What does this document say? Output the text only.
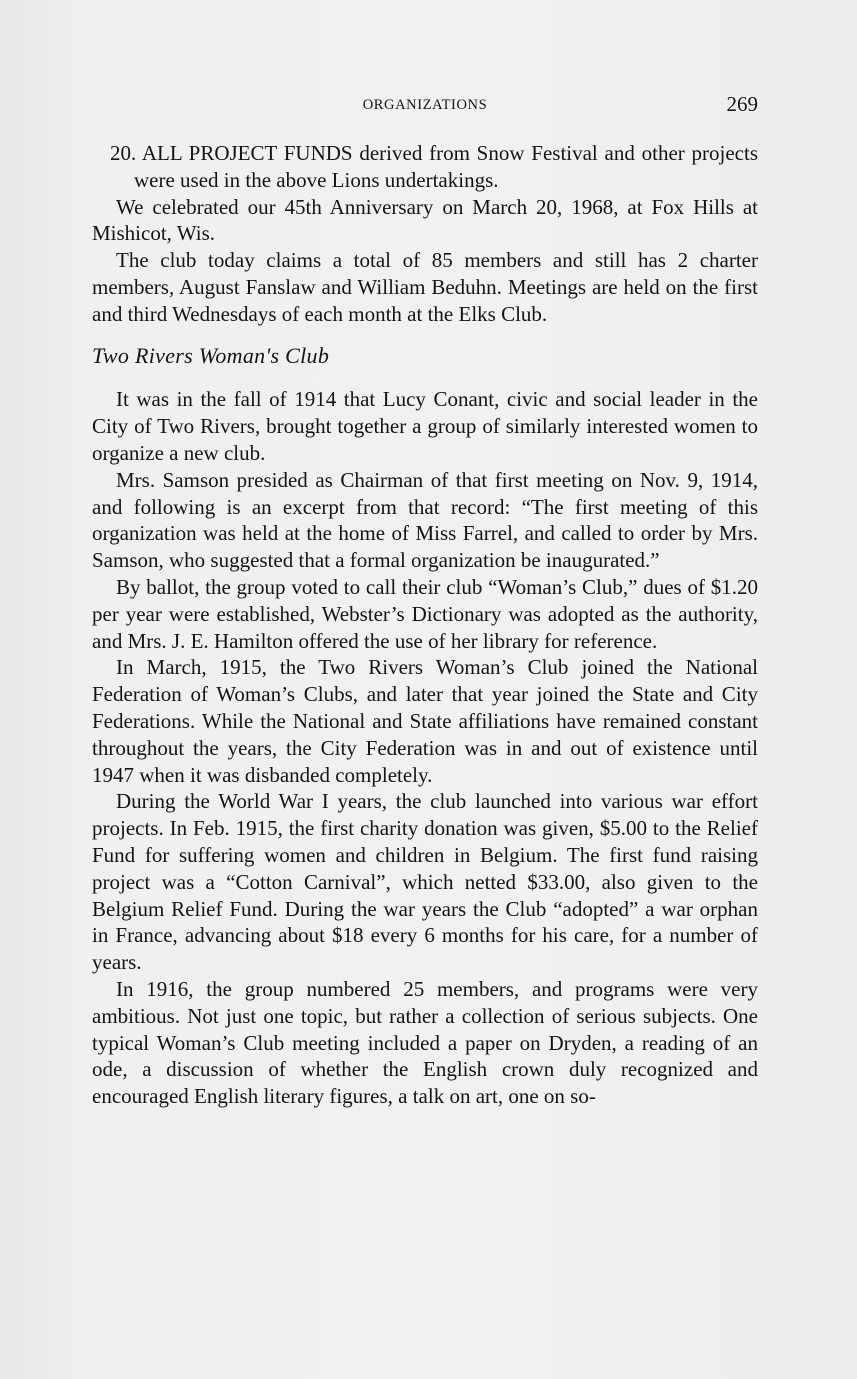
ORGANIZATIONS	269

20. ALL PROJECT FUNDS derived from Snow Festival and other projects were used in the above Lions undertakings.

We celebrated our 45th Anniversary on March 20, 1968, at Fox Hills at Mishicot, Wis.

The club today claims a total of 85 members and still has 2 charter members, August Fanslaw and William Beduhn. Meetings are held on the first and third Wednesdays of each month at the Elks Club.

Two Rivers Woman's Club

It was in the fall of 1914 that Lucy Conant, civic and social leader in the City of Two Rivers, brought together a group of similarly interested women to organize a new club.

Mrs. Samson presided as Chairman of that first meeting on Nov. 9, 1914, and following is an excerpt from that record: “The first meeting of this organization was held at the home of Miss Farrel, and called to order by Mrs. Samson, who suggested that a formal organization be inaugurated.”

By ballot, the group voted to call their club “Woman’s Club,” dues of $1.20 per year were established, Webster’s Dictionary was adopted as the authority, and Mrs. J. E. Hamilton offered the use of her library for reference.

In March, 1915, the Two Rivers Woman’s Club joined the National Federation of Woman’s Clubs, and later that year joined the State and City Federations. While the National and State affiliations have remained constant throughout the years, the City Federation was in and out of existence until 1947 when it was disbanded completely.

During the World War I years, the club launched into various war effort projects. In Feb. 1915, the first charity donation was given, $5.00 to the Relief Fund for suffering women and children in Belgium. The first fund raising project was a “Cotton Carnival”, which netted $33.00, also given to the Belgium Relief Fund. During the war years the Club “adopted” a war orphan in France, advancing about $18 every 6 months for his care, for a number of years.

In 1916, the group numbered 25 members, and programs were very ambitious. Not just one topic, but rather a collection of serious subjects. One typical Woman’s Club meeting included a paper on Dryden, a reading of an ode, a discussion of whether the English crown duly recognized and encouraged English literary figures, a talk on art, one on so-
